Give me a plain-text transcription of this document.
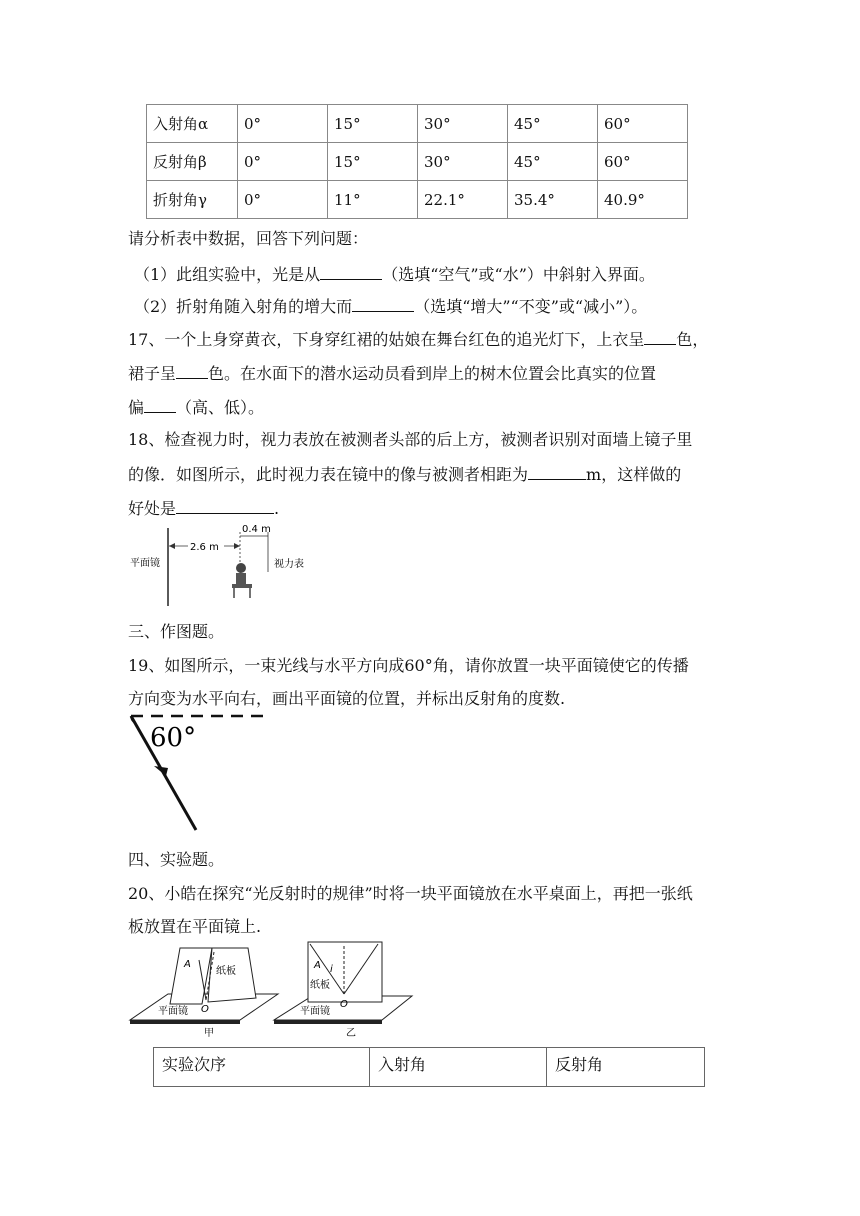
入射角α	0°	15°	30°	45°	60°
反射角β	0°	15°	30°	45°	60°
折射角γ	0°	11°	22.1°	35.4°	40.9°
请分析表中数据，回答下列问题：
（1）此组实验中，光是从	（选填“空气”或“水”）中斜射入界面。
（2）折射角随入射角的增大而	（选填“增大”“不变”或“减小”）。
17、一个上身穿黄衣，下身穿红裙的姑娘在舞台红色的追光灯下，上衣呈 色，
裙子呈 色。在水面下的潜水运动员看到岸上的树木位置会比真实的位置
偏 （高、低）。
18、检查视力时，视力表放在被测者头部的后上方，被测者识别对面墙上镜子里
的像．如图所示，此时视力表在镜中的像与被测者相距为	m，这样做的
好处是	.
平面镜
2.6 m
0.4 m
视力表
三、作图题。
19、如图所示，一束光线与水平方向成60°角，请你放置一块平面镜使它的传播
方向变为水平向右，画出平面镜的位置，并标出反射角的度数.
60°
四、实验题。
20、小皓在探究“光反射时的规律”时将一块平面镜放在水平桌面上，再把一张纸
板放置在平面镜上.
A
纸板
O
平面镜
甲
A i
纸板
O
平面镜
乙
实验次序	入射角	反射角
